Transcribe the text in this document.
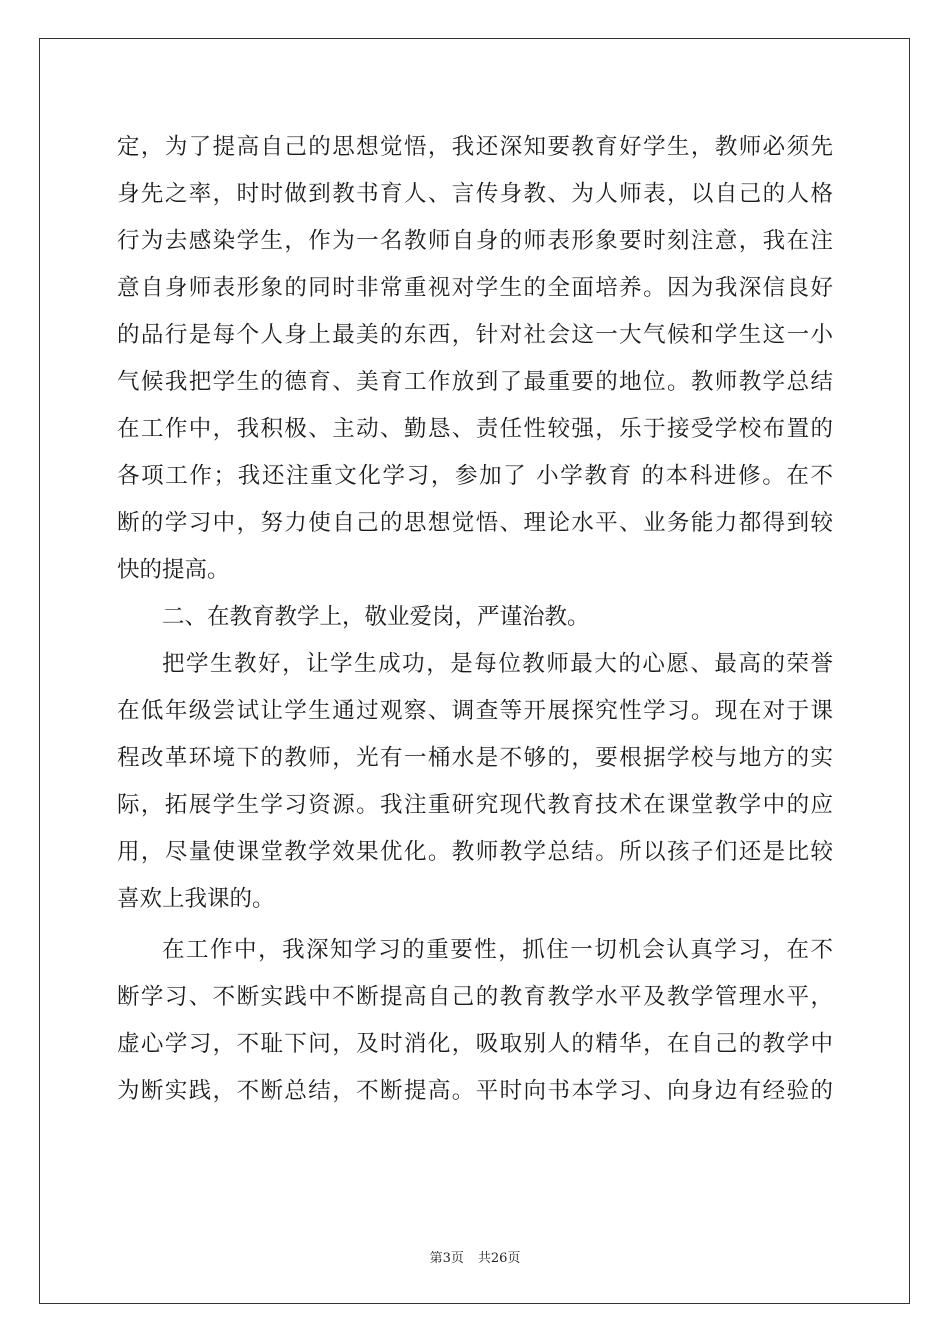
定，为了提高自己的思想觉悟，我还深知要教育好学生，教师必须先
身先之率，时时做到教书育人、言传身教、为人师表，以自己的人格
行为去感染学生，作为一名教师自身的师表形象要时刻注意，我在注
意自身师表形象的同时非常重视对学生的全面培养。因为我深信良好
的品行是每个人身上最美的东西，针对社会这一大气候和学生这一小
气候我把学生的德育、美育工作放到了最重要的地位。教师教学总结
在工作中，我积极、主动、勤恳、责任性较强，乐于接受学校布置的
各项工作；我还注重文化学习，参加了 小学教育 的本科进修。在不
断的学习中，努力使自己的思想觉悟、理论水平、业务能力都得到较
快的提高。
二、在教育教学上，敬业爱岗，严谨治教。
把学生教好，让学生成功，是每位教师最大的心愿、最高的荣誉
在低年级尝试让学生通过观察、调查等开展探究性学习。现在对于课
程改革环境下的教师，光有一桶水是不够的，要根据学校与地方的实
际，拓展学生学习资源。我注重研究现代教育技术在课堂教学中的应
用，尽量使课堂教学效果优化。教师教学总结。所以孩子们还是比较
喜欢上我课的。
在工作中，我深知学习的重要性，抓住一切机会认真学习，在不
断学习、不断实践中不断提高自己的教育教学水平及教学管理水平，
虚心学习，不耻下问，及时消化，吸取别人的精华，在自己的教学中
为断实践，不断总结，不断提高。平时向书本学习、向身边有经验的
第3页 共26页
